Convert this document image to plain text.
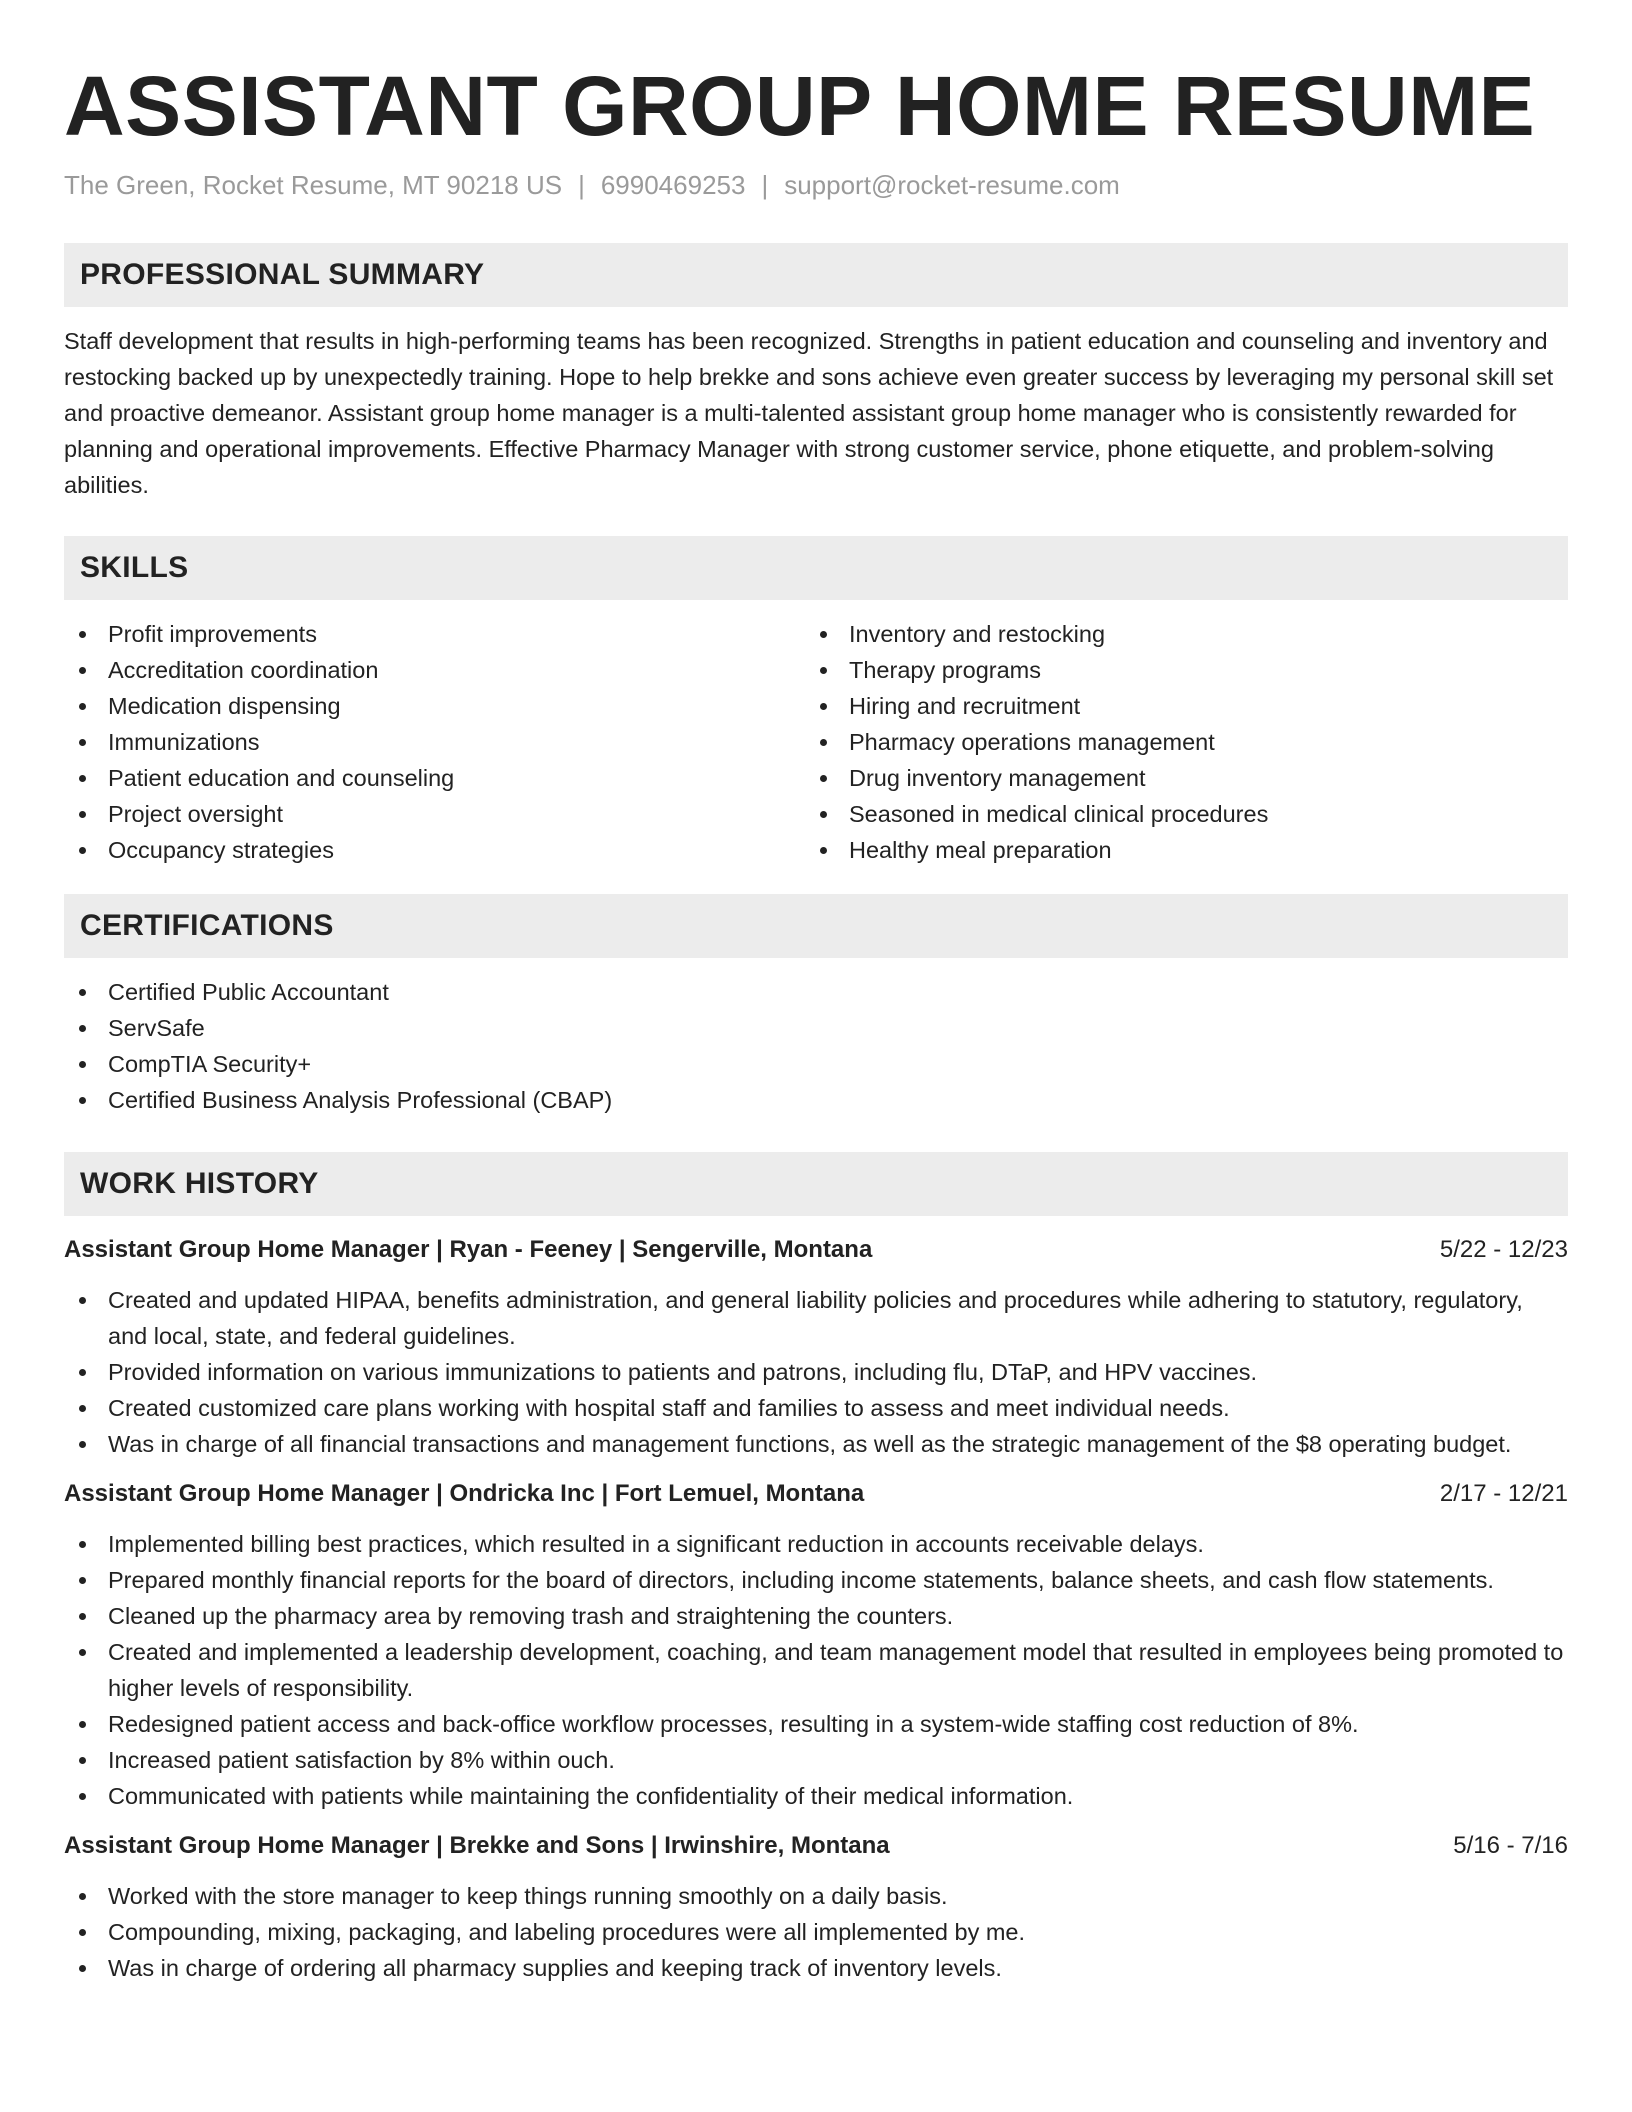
ASSISTANT GROUP HOME RESUME
The Green, Rocket Resume, MT 90218 US | 6990469253 | support@rocket-resume.com
PROFESSIONAL SUMMARY

Staff development that results in high-performing teams has been recognized. Strengths in patient education and counseling and inventory and restocking backed up by unexpectedly training. Hope to help brekke and sons achieve even greater success by leveraging my personal skill set and proactive demeanor. Assistant group home manager is a multi-talented assistant group home manager who is consistently rewarded for planning and operational improvements. Effective Pharmacy Manager with strong customer service, phone etiquette, and problem-solving abilities.

SKILLS
Profit improvements
Accreditation coordination
Medication dispensing
Immunizations
Patient education and counseling
Project oversight
Occupancy strategies
Inventory and restocking
Therapy programs
Hiring and recruitment
Pharmacy operations management
Drug inventory management
Seasoned in medical clinical procedures
Healthy meal preparation
CERTIFICATIONS
Certified Public Accountant
ServSafe
CompTIA Security+
Certified Business Analysis Professional (CBAP)
WORK HISTORY
Assistant Group Home Manager | Ryan - Feeney | Sengerville, Montana	5/22 - 12/23
Created and updated HIPAA, benefits administration, and general liability policies and procedures while adhering to statutory, regulatory, and local, state, and federal guidelines.
Provided information on various immunizations to patients and patrons, including flu, DTaP, and HPV vaccines.
Created customized care plans working with hospital staff and families to assess and meet individual needs.
Was in charge of all financial transactions and management functions, as well as the strategic management of the $8 operating budget.
Assistant Group Home Manager | Ondricka Inc | Fort Lemuel, Montana	2/17 - 12/21
Implemented billing best practices, which resulted in a significant reduction in accounts receivable delays.
Prepared monthly financial reports for the board of directors, including income statements, balance sheets, and cash flow statements.
Cleaned up the pharmacy area by removing trash and straightening the counters.
Created and implemented a leadership development, coaching, and team management model that resulted in employees being promoted to higher levels of responsibility.
Redesigned patient access and back-office workflow processes, resulting in a system-wide staffing cost reduction of 8%.
Increased patient satisfaction by 8% within ouch.
Communicated with patients while maintaining the confidentiality of their medical information.
Assistant Group Home Manager | Brekke and Sons | Irwinshire, Montana	5/16 - 7/16
Worked with the store manager to keep things running smoothly on a daily basis.
Compounding, mixing, packaging, and labeling procedures were all implemented by me.
Was in charge of ordering all pharmacy supplies and keeping track of inventory levels.
